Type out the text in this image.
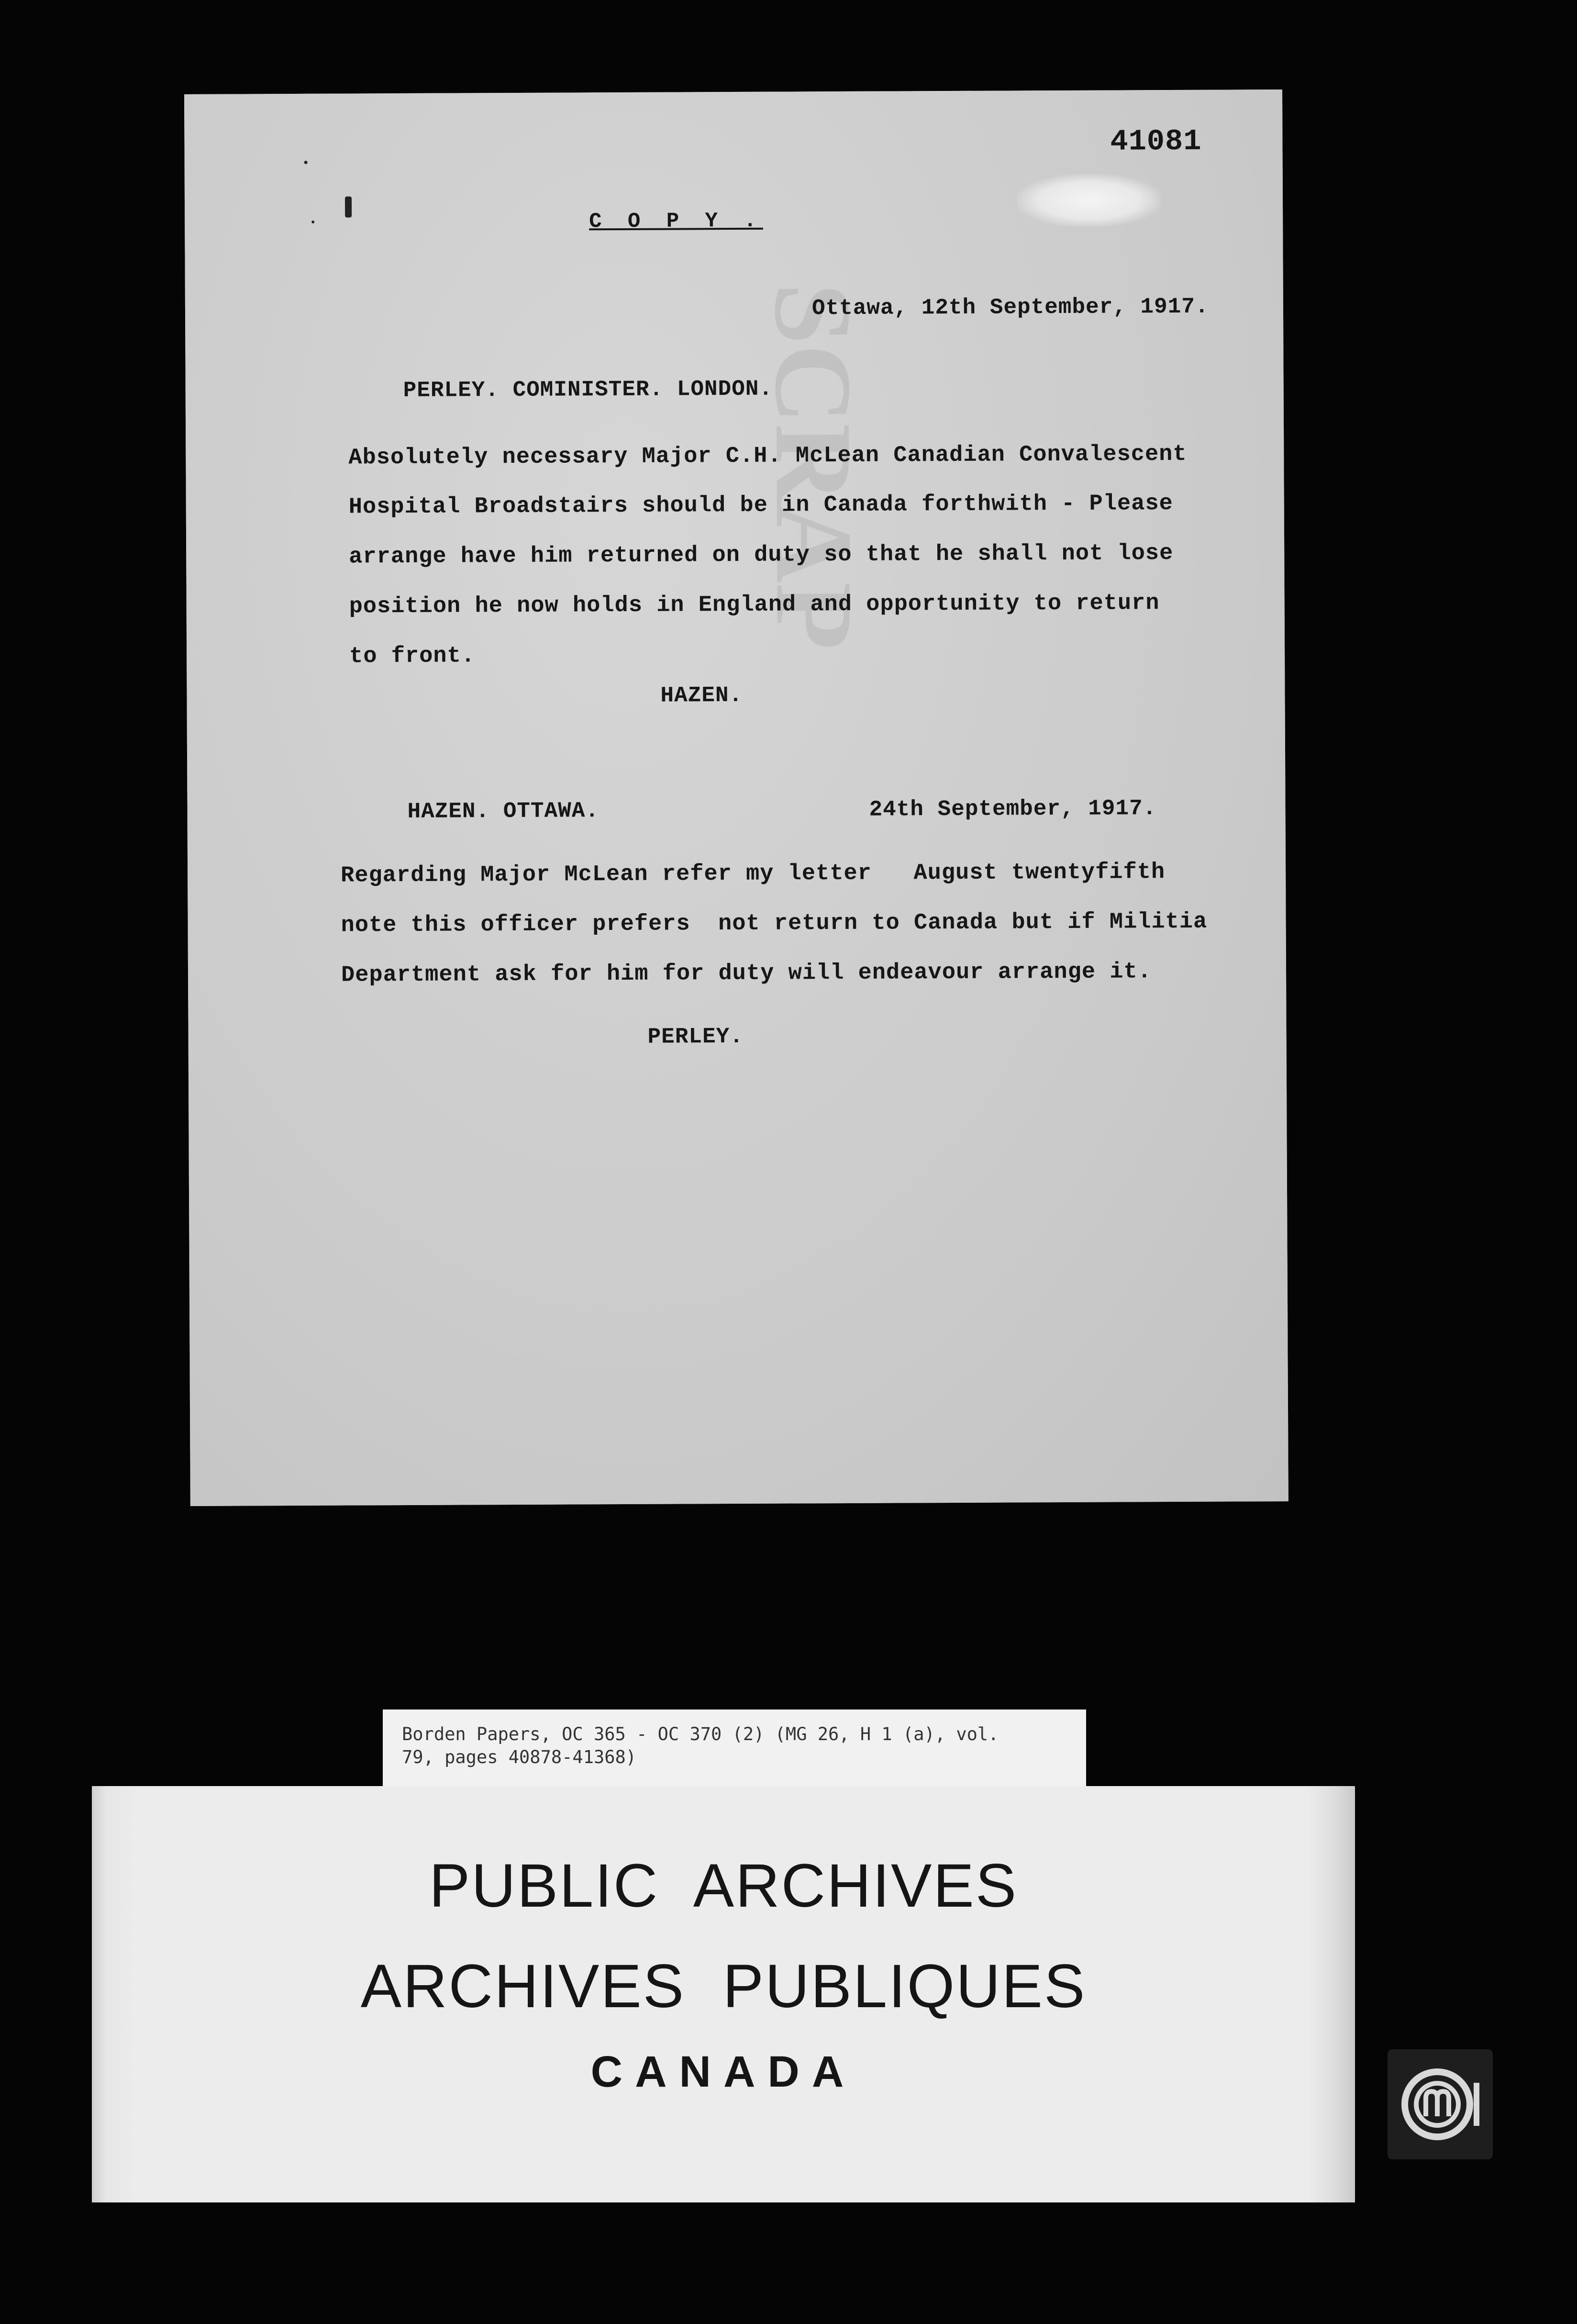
SCRAP
41081
C O P Y .
Ottawa, 12th September, 1917.
PERLEY. COMINISTER. LONDON.
Absolutely necessary Major C.H. McLean Canadian Convalescent
Hospital Broadstairs should be in Canada forthwith - Please
arrange have him returned on duty so that he shall not lose
position he now holds in England and opportunity to return
to front.
HAZEN.
HAZEN. OTTAWA.	24th September, 1917.
Regarding Major McLean refer my letter   August twentyfifth
note this officer prefers  not return to Canada but if Militia
Department ask for him for duty will endeavour arrange it.
PERLEY.
Borden Papers, OC 365 - OC 370 (2) (MG 26, H 1 (a), vol.
79, pages 40878-41368)
PUBLIC ARCHIVES
ARCHIVES PUBLIQUES
CANADA
